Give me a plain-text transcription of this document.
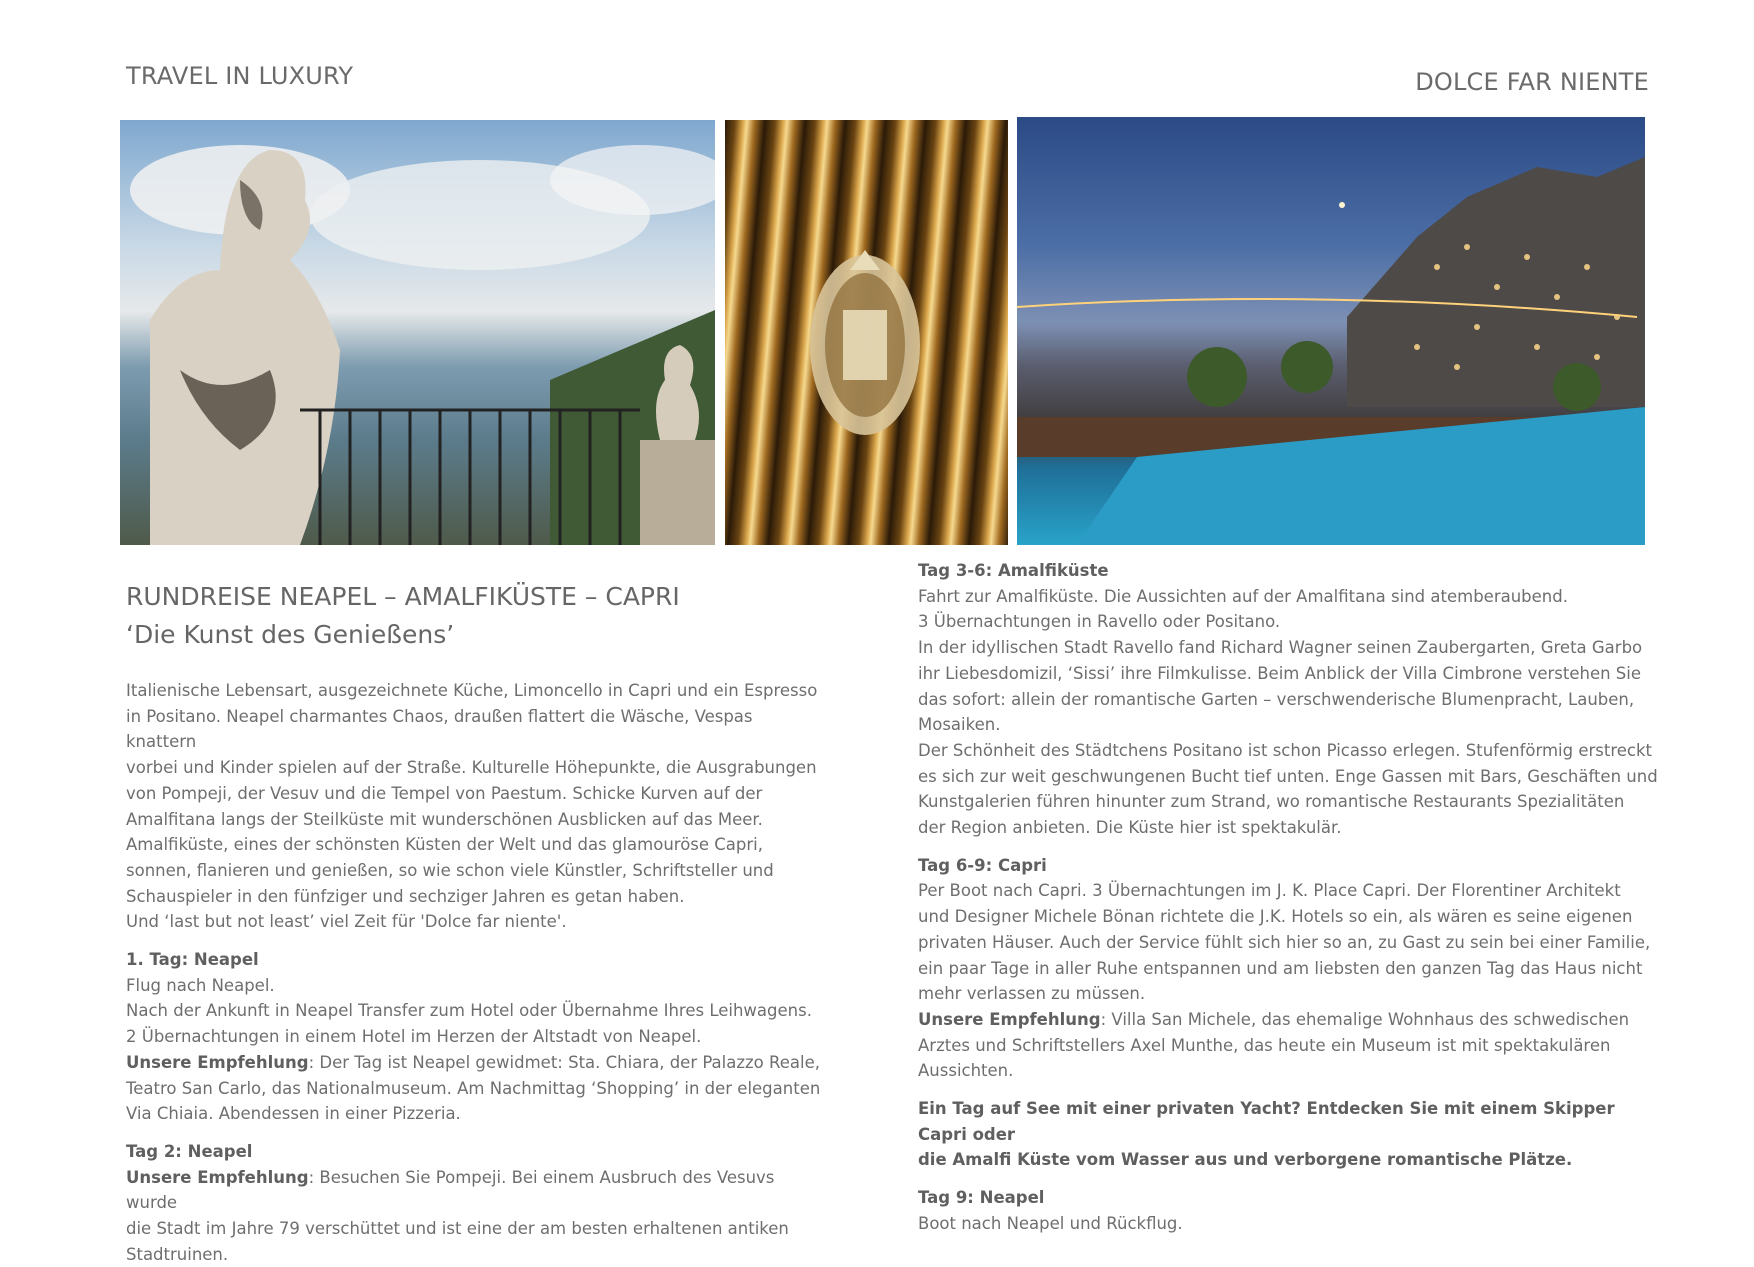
TRAVEL IN LUXURY	DOLCE FAR NIENTE
RUNDREISE NEAPEL – AMALFIKÜSTE – CAPRI
‘Die Kunst des Genießens’

Italienische Lebensart, ausgezeichnete Küche, Limoncello in Capri und ein Espresso

in Positano. Neapel charmantes Chaos, draußen flattert die Wäsche, Vespas knattern

vorbei und Kinder spielen auf der Straße. Kulturelle Höhepunkte, die Ausgrabungen

von Pompeji, der Vesuv und die Tempel von Paestum. Schicke Kurven auf der

Amalfitana langs der Steilküste mit wunderschönen Ausblicken auf das Meer.

Amalfiküste, eines der schönsten Küsten der Welt und das glamouröse Capri,

sonnen, flanieren und genießen, so wie schon viele Künstler, Schriftsteller und

Schauspieler in den fünfziger und sechziger Jahren es getan haben.

Und ‘last but not least’ viel Zeit für 'Dolce far niente'.

1. Tag: Neapel

Flug nach Neapel.

Nach der Ankunft in Neapel Transfer zum Hotel oder Übernahme Ihres Leihwagens.

2 Übernachtungen in einem Hotel im Herzen der Altstadt von Neapel.

Unsere Empfehlung: Der Tag ist Neapel gewidmet: Sta. Chiara, der Palazzo Reale,

Teatro San Carlo, das Nationalmuseum. Am Nachmittag ‘Shopping’ in der eleganten

Via Chiaia. Abendessen in einer Pizzeria.

Tag 2: Neapel

Unsere Empfehlung: Besuchen Sie Pompeji. Bei einem Ausbruch des Vesuvs wurde

die Stadt im Jahre 79 verschüttet und ist eine der am besten erhaltenen antiken

Stadtruinen.

Tag 3-6: Amalfiküste

Fahrt zur Amalfiküste. Die Aussichten auf der Amalfitana sind atemberaubend.

3 Übernachtungen in Ravello oder Positano.

In der idyllischen Stadt Ravello fand Richard Wagner seinen Zaubergarten, Greta Garbo

ihr Liebesdomizil, ‘Sissi’ ihre Filmkulisse. Beim Anblick der Villa Cimbrone verstehen Sie

das sofort: allein der romantische Garten – verschwenderische Blumenpracht, Lauben,

Mosaiken.

Der Schönheit des Städtchens Positano ist schon Picasso erlegen. Stufenförmig erstreckt

es sich zur weit geschwungenen Bucht tief unten. Enge Gassen mit Bars, Geschäften und

Kunstgalerien führen hinunter zum Strand, wo romantische Restaurants Spezialitäten

der Region anbieten. Die Küste hier ist spektakulär.

Tag 6-9: Capri

Per Boot nach Capri. 3 Übernachtungen im J. K. Place Capri. Der Florentiner Architekt

und Designer Michele Bönan richtete die J.K. Hotels so ein, als wären es seine eigenen

privaten Häuser. Auch der Service fühlt sich hier so an, zu Gast zu sein bei einer Familie,

ein paar Tage in aller Ruhe entspannen und am liebsten den ganzen Tag das Haus nicht

mehr verlassen zu müssen.

Unsere Empfehlung: Villa San Michele, das ehemalige Wohnhaus des schwedischen

Arztes und Schriftstellers Axel Munthe, das heute ein Museum ist mit spektakulären

Aussichten.

Ein Tag auf See mit einer privaten Yacht? Entdecken Sie mit einem Skipper Capri oder

die Amalfi Küste vom Wasser aus und verborgene romantische Plätze.

Tag 9: Neapel

Boot nach Neapel und Rückflug.
